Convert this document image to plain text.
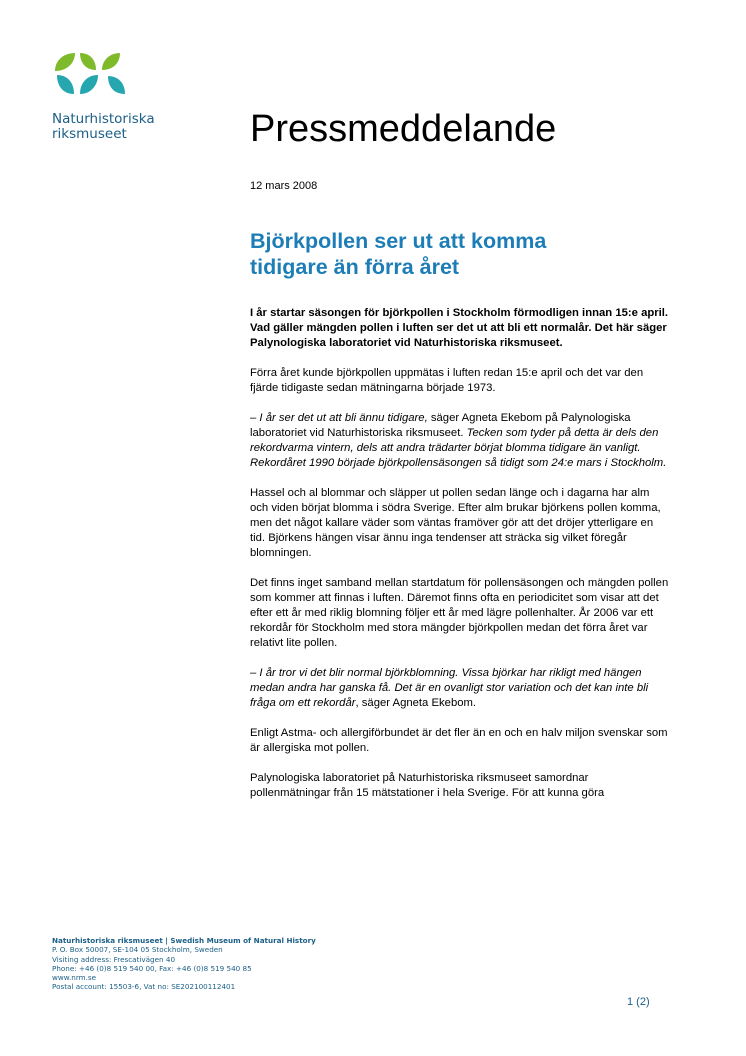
Naturhistoriska
riksmuseet	Pressmeddelande
12 mars 2008
Björkpollen ser ut att komma
tidigare än förra året

I år startar säsongen för björkpollen i Stockholm förmodligen innan 15:e april. Vad gäller mängden pollen i luften ser det ut att bli ett normalår. Det här säger Palynologiska laboratoriet vid Naturhistoriska riksmuseet.

Förra året kunde björkpollen uppmätas i luften redan 15:e april och det var den fjärde tidigaste sedan mätningarna började 1973.

– I år ser det ut att bli ännu tidigare, säger Agneta Ekebom på Palynologiska laboratoriet vid Naturhistoriska riksmuseet. Tecken som tyder på detta är dels den rekordvarma vintern, dels att andra trädarter börjat blomma tidigare än vanligt. Rekordåret 1990 började björkpollensäsongen så tidigt som 24:e mars i Stockholm.

Hassel och al blommar och släpper ut pollen sedan länge och i dagarna har alm och viden börjat blomma i södra Sverige. Efter alm brukar björkens pollen komma, men det något kallare väder som väntas framöver gör att det dröjer ytterligare en tid. Björkens hängen visar ännu inga tendenser att sträcka sig vilket föregår blomningen.

Det finns inget samband mellan startdatum för pollensäsongen och mängden pollen som kommer att finnas i luften. Däremot finns ofta en periodicitet som visar att det efter ett år med riklig blomning följer ett år med lägre pollenhalter. År 2006 var ett rekordår för Stockholm med stora mängder björkpollen medan det förra året var relativt lite pollen.

– I år tror vi det blir normal björkblomning. Vissa björkar har rikligt med hängen medan andra har ganska få. Det är en ovanligt stor variation och det kan inte bli fråga om ett rekordår, säger Agneta Ekebom.

Enligt Astma- och allergiförbundet är det fler än en och en halv miljon svenskar som är allergiska mot pollen.

Palynologiska laboratoriet på Naturhistoriska riksmuseet samordnar pollenmätningar från 15 mätstationer i hela Sverige. För att kunna göra

Naturhistoriska riksmuseet | Swedish Museum of Natural History
P. O. Box 50007, SE-104 05 Stockholm, Sweden
Visiting address: Frescativägen 40
Phone: +46 (0)8 519 540 00, Fax: +46 (0)8 519 540 85
www.nrm.se
Postal account: 15503-6, Vat no: SE202100112401
1 (2)
